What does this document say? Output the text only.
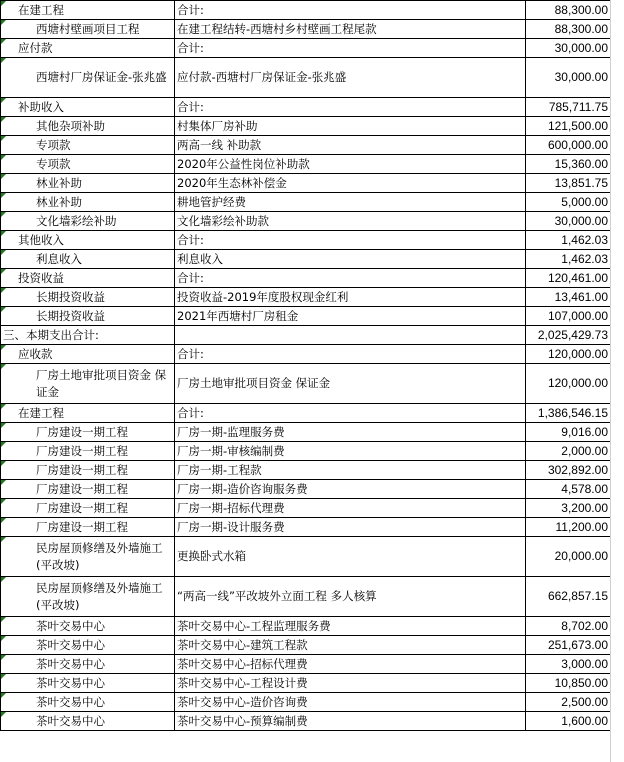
在建工程	合计:	88,300.00
西塘村壁画项目工程	在建工程结转-西塘村乡村壁画工程尾款	88,300.00
应付款	合计:	30,000.00
西塘村厂房保证金-张兆盛	应付款-西塘村厂房保证金-张兆盛	30,000.00
补助收入	合计:	785,711.75
其他杂项补助	村集体厂房补助	121,500.00
专项款	两高一线 补助款	600,000.00
专项款	2020年公益性岗位补助款	15,360.00
林业补助	2020年生态林补偿金	13,851.75
林业补助	耕地管护经费	5,000.00
文化墙彩绘补助	文化墙彩绘补助款	30,000.00
其他收入	合计:	1,462.03
利息收入	利息收入	1,462.03
投资收益	合计:	120,461.00
长期投资收益	投资收益-2019年度股权现金红利	13,461.00
长期投资收益	2021年西塘村厂房租金	107,000.00
三、本期支出合计:		2,025,429.73
应收款	合计:	120,000.00
厂房土地审批项目资金 保证金	厂房土地审批项目资金 保证金	120,000.00
在建工程	合计:	1,386,546.15
厂房建设一期工程	厂房一期-监理服务费	9,016.00
厂房建设一期工程	厂房一期-审核编制费	2,000.00
厂房建设一期工程	厂房一期-工程款	302,892.00
厂房建设一期工程	厂房一期-造价咨询服务费	4,578.00
厂房建设一期工程	厂房一期-招标代理费	3,200.00
厂房建设一期工程	厂房一期-设计服务费	11,200.00
民房屋顶修缮及外墙施工(平改坡)	更换卧式水箱	20,000.00
民房屋顶修缮及外墙施工(平改坡)	“两高一线”平改坡外立面工程 多人核算	662,857.15
茶叶交易中心	茶叶交易中心-工程监理服务费	8,702.00
茶叶交易中心	茶叶交易中心-建筑工程款	251,673.00
茶叶交易中心	茶叶交易中心-招标代理费	3,000.00
茶叶交易中心	茶叶交易中心-工程设计费	10,850.00
茶叶交易中心	茶叶交易中心-造价咨询费	2,500.00
茶叶交易中心	茶叶交易中心-预算编制费	1,600.00
